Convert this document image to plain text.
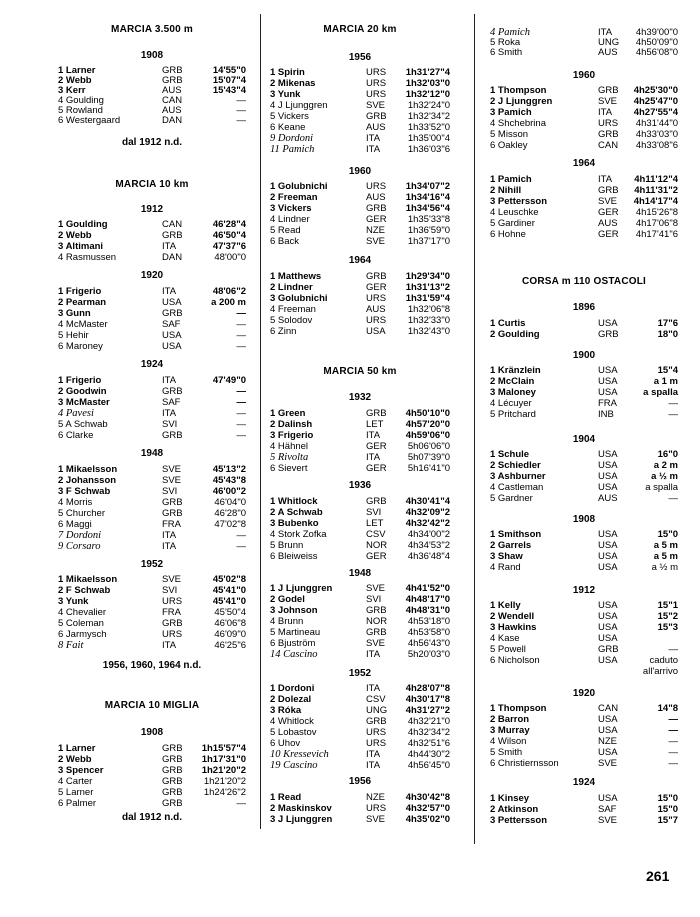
MARCIA 3.500 m
1908
1 Larner	GRB	14'55"0
2 Webb	GRB	15'07"4
3 Kerr	AUS	15'43"4
4 Goulding	CAN	—
5 Rowland	AUS	—
6 Westergaard	DAN	—
dal 1912 n.d.
MARCIA 10 km
1912
1 Goulding	CAN	46'28"4
2 Webb	GRB	46'50"4
3 Altimani	ITA	47'37"6
4 Rasmussen	DAN	48'00"0
1920
1 Frigerio	ITA	48'06"2
2 Pearman	USA	a 200 m
3 Gunn	GRB	—
4 McMaster	SAF	—
5 Hehir	USA	—
6 Maroney	USA	—
1924
1 Frigerio	ITA	47'49"0
2 Goodwin	GRB	—
3 McMaster	SAF	—
4 Pavesi	ITA	—
5 A Schwab	SVI	—
6 Clarke	GRB	—
1948
1 Mikaelsson	SVE	45'13"2
2 Johansson	SVE	45'43"8
3 F Schwab	SVI	46'00"2
4 Morris	GRB	46'04"0
5 Churcher	GRB	46'28"0
6 Maggi	FRA	47'02"8
7 Dordoni	ITA	—
9 Corsaro	ITA	—
1952
1 Mikaelsson	SVE	45'02"8
2 F Schwab	SVI	45'41"0
3 Yunk	URS	45'41"0
4 Chevalier	FRA	45'50"4
5 Coleman	GRB	46'06"8
6 Jarmysch	URS	46'09"0
8 Fait	ITA	46'25"6
1956, 1960, 1964 n.d.
MARCIA 10 MIGLIA
1908
1 Larner	GRB 1h15'57"4
2 Webb	GRB 1h17'31"0
3 Spencer	GRB 1h21'20"2
4 Carter	GRB 1h21'20"2
5 Larner	GRB 1h24'26"2
6 Palmer	GRB	—
dal 1912 n.d.
MARCIA 20 km
1956
1 Spirin	URS 1h31'27"4
2 Mikenas	URS 1h32'03"0
3 Yunk	URS 1h32'12"0
4 J Ljunggren	SVE 1h32'24"0
5 Vickers	GRB 1h32'34"2
6 Keane	AUS 1h33'52"0
9 Dordoni	ITA	1h35'00"4
11 Pamich	ITA	1h36'03"6
1960
1 Golubnichi	URS 1h34'07"2
2 Freeman	AUS 1h34'16"4
3 Vickers	GRB 1h34'56"4
4 Lindner	GER 1h35'33"8
5 Read	NZE 1h36'59"0
6 Back	SVE 1h37'17"0
1964
1 Matthews	GRB 1h29'34"0
2 Lindner	GER 1h31'13"2
3 Golubnichi	URS 1h31'59"4
4 Freeman	AUS 1h32'06"8
5 Solodov	URS 1h32'33"0
6 Zinn	USA 1h32'43"0
MARCIA 50 km
1932
1 Green	GRB 4h50'10"0
2 Dalinsh	LET 4h57'20"0
3 Frigerio	ITA	4h59'06"0
4 Hähnel	GER 5h06'06"0
5 Rivolta	ITA	5h07'39"0
6 Sievert	GER 5h16'41"0
1936
1 Whitlock	GRB 4h30'41"4
2 A Schwab	SVI	4h32'09"2
3 Bubenko	LET 4h32'42"2
4 Stork Zofka	CSV 4h34'00"2
5 Brunn	NOR 4h34'53"2
6 Bleiweiss	GER 4h36'48"4
1948
1 J Ljunggren	SVE 4h41'52"0
2 Godel	SVI	4h48'17"0
3 Johnson	GRB 4h48'31"0
4 Brunn	NOR 4h53'18"0
5 Martineau	GRB 4h53'58"0
6 Bjuström	SVE 4h56'43"0
14 Cascino	ITA	5h20'03"0
1952
1 Dordoni	ITA	4h28'07"8
2 Dolezal	CSV 4h30'17"8
3 Róka	UNG 4h31'27"2
4 Whitlock	GRB 4h32'21"0
5 Lobastov	URS 4h32'34"2
6 Uhov	URS 4h32'51"6
10 Kressevich	ITA	4h44'30"2
19 Cascino	ITA	4h56'45"0
1956
1 Read	NZE 4h30'42"8
2 Maskinskov	URS 4h32'57"0
3 J Ljunggren	SVE 4h35'02"0
4 Pamich	ITA	4h39'00"0
5 Roka	UNG 4h50'09"0
6 Smith	AUS 4h56'08"0
1960
1 Thompson	GRB 4h25'30"0
2 J Ljunggren	SVE 4h25'47"0
3 Pamich	ITA 4h27'55"4
4 Shchebrina	URS 4h31'44"0
5 Misson	GRB 4h33'03"0
6 Oakley	CAN 4h33'08"6
1964
1 Pamich	ITA 4h11'12"4
2 Nihill	GRB 4h11'31"2
3 Pettersson	SVE 4h14'17"4
4 Leuschke	GER 4h15'26"8
5 Gardiner	AUS 4h17'06"8
6 Hohne	GER 4h17'41"6
CORSA m 110 OSTACOLI
1896
1 Curtis	USA	17"6
2 Goulding	GRB	18"0
1900
1 Kränzlein	USA	15"4
2 McClain	USA	a 1 m
3 Maloney	USA	a spalla
4 Lécuyer	FRA	—
5 Pritchard	INB	—
1904
1 Schule	USA	16"0
2 Schiedler	USA	a 2 m
3 Ashburner	USA	a ½ m
4 Castleman	USA	a spalla
5 Gardner	AUS	—
1908
1 Smithson	USA	15"0
2 Garrels	USA	a 5 m
3 Shaw	USA	a 5 m
4 Rand	USA	a ½ m
1912
1 Kelly	USA	15"1
2 Wendell	USA	15"2
3 Hawkins	USA	15"3
4 Kase	USA
5 Powell	GRB	—
6 Nicholson	USA	caduto
all'arrivo
1920
1 Thompson	CAN	14"8
2 Barron	USA	—
3 Murray	USA	—
4 Wilson	NZE	—
5 Smith	USA	—
6 Christiernsson	SVE	—
1924
1 Kinsey	USA	15"0
2 Atkinson	SAF	15"0
3 Pettersson	SVE	15"7
261
